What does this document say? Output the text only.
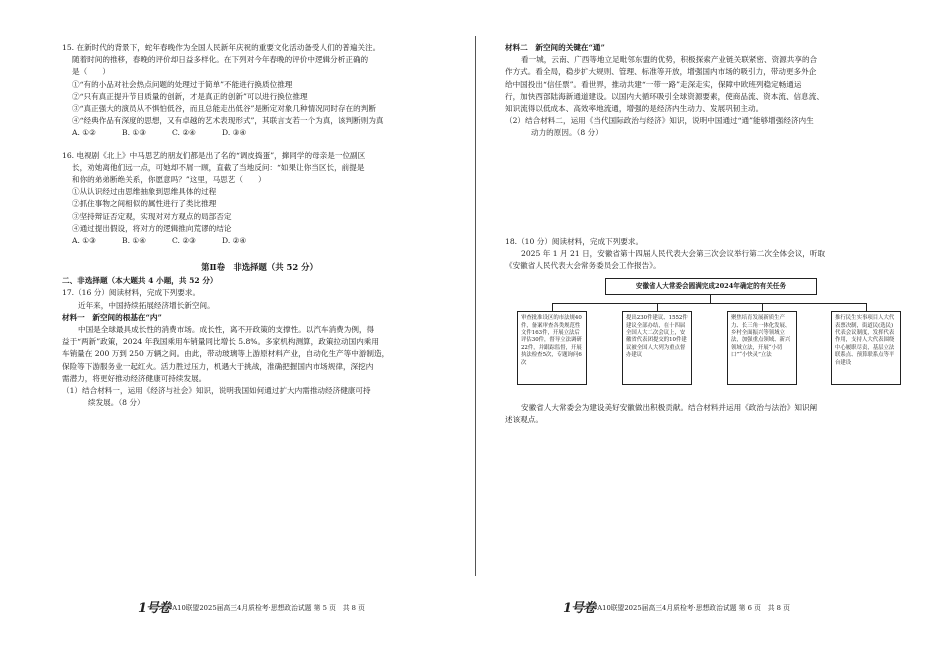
15. 在新时代的背景下，蛇年春晚作为全国人民新年庆祝的重要文化活动备受人们的普遍关注。

随着时间的推移，春晚的评价却日益多样化。在下列对今年春晚的评价中逻辑分析正确的

是（　　）

①“有的小品对社会热点问题的处理过于简单”不能进行换质位推理

②“只有真正提升节目质量的创新，才是真正的创新”可以进行换位推理

③“真正强大的演员从不惧怕低谷，而且总能走出低谷”是断定对象几种情况同时存在的判断

④“经典作品有深度的思想，又有卓越的艺术表现形式”，其联言支若一个为真，该判断则为真

A. ①②	B. ①③	C. ②④	D. ③④

16. 电视剧《北上》中马思艺的朋友们都是出了名的“调皮捣蛋”，撺同学的母亲是一位副区

长，劝她离他们远一点，可她却不屑一顾，直截了当地反问：“如果让你当区长，前提是

和你的弟弟断绝关系，你愿意吗？”这里，马思艺（　　）

①从认识经过由思维抽象到思维具体的过程

②抓住事物之间相似的属性进行了类比推理

③坚持辩证否定观，实现对对方观点的局部否定

④通过提出假设，将对方的逻辑推向荒谬的结论

A. ①③	B. ①④	C. ②③	D. ②④
第Ⅱ卷　非选择题（共 52 分）

二、非选择题（本大题共 4 小题，共 52 分）

17.（16 分）阅读材料，完成下列要求。

近年来，中国持续拓展经济增长新空间。

材料一　新空间的根基在“内”

中国是全球最具成长性的消费市场。成长性，离不开政策的支撑性。以汽车消费为例，得

益于“两新”政策，2024 年我国乘用车销量同比增长 5.8%。多家机构测算，政策拉动国内乘用

车销量在 200 万到 250 万辆之间。由此，带动玻璃等上游原材料产业，自动化生产等中游制造，

保险等下游服务业一起红火。活力胜过压力，机遇大于挑战，准确把握国内市场规律，深挖内

需潜力，将更好推动经济健康可持续发展。

（1）结合材料一，运用《经济与社会》知识，说明我国如何通过扩大内需推动经济健康可持

续发展。（8 分）

1号卷·A10联盟2025届高三4月质检考·思想政治试题 第 5 页　共 8 页

材料二　新空间的关键在“通”

看一城，云南、广西等地立足毗邻东盟的优势，积极探索产业链关联紧密、资源共享的合

作方式。看全局，稳步扩大规则、管理、标准等开放，增强国内市场的吸引力，带动更多外企

给中国投出“信任票”。看世界，推动共建“一带一路”走深走实，保障中欧班列稳定畅通运

行，加快西部陆海新通道建设。以国内大循环吸引全球资源要素，使商品流、资本流、信息流、

知识流得以低成本、高效率地流通，增强的是经济内生动力、发展巩韧主动。

（2）结合材料二，运用《当代国际政治与经济》知识，说明中国通过“通”能够增强经济内生

动力的原因。（8 分）

18.（10 分）阅读材料，完成下列要求。

2025 年 1 月 21 日，安徽省第十四届人民代表大会第三次会议举行第二次全体会议，听取

《安徽省人民代表大会常务委员会工作报告》。

安徽省人大常委会圆满完成2024年确定的有关任务
审查批准设区的市法规40件，备案审查各类规范性文件163件，开展立法后评估30件，督导立法调研22件，并跟踪监督，开展执法检查5次，专题询问6次
提出230件建议、1552件建议全部办结，在十四届全国人大二次会议上，安徽省代表团提交的10件建议被全国人大列为重点督办建议
聚焦培育发展新质生产力、长三角一体化发展、乡村全面振兴等领域立法，加强重点领域、新兴领域立法，开展“小切口”“小快灵”立法
推行民生实事项目人大代表票决制，街道民(选民)代表会议制度，发挥代表作用，支持人大代表围绕中心履职尽责，基层立法联系点、预算联系点等平台建设

安徽省人大常委会为建设美好安徽做出积极贡献。结合材料并运用《政治与法治》知识阐

述该观点。

1号卷·A10联盟2025届高三4月质检考·思想政治试题 第 6 页　共 8 页
